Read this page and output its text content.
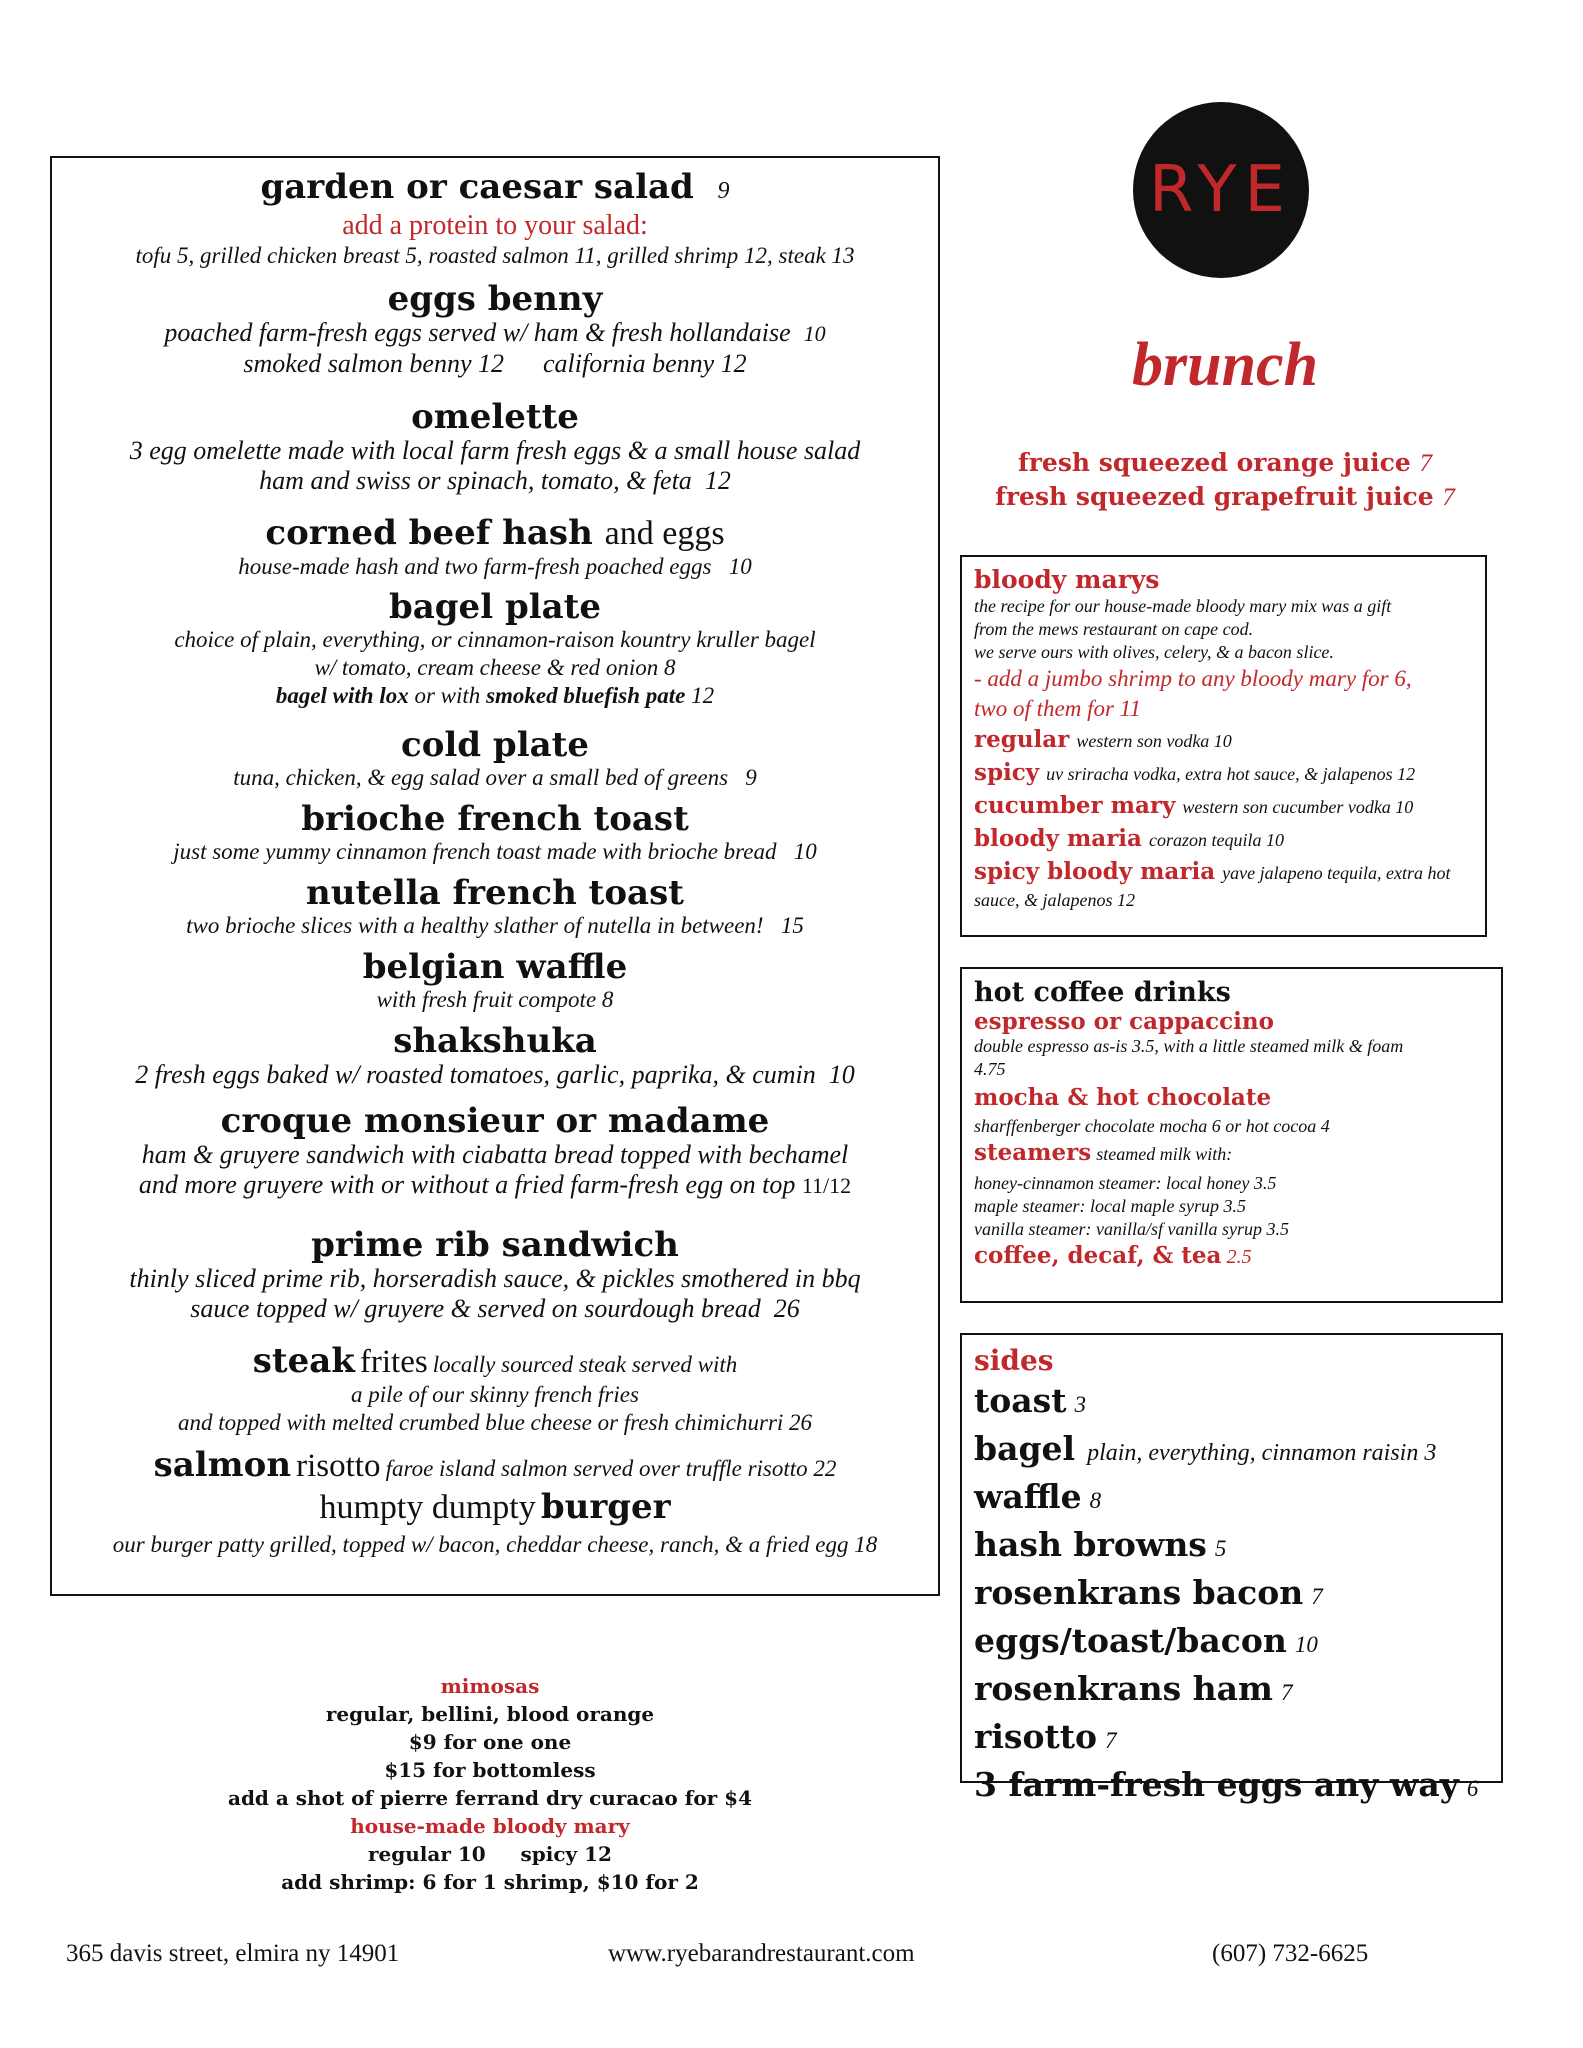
garden or caesar salad 9
add a protein to your salad:
tofu 5, grilled chicken breast 5, roasted salmon 11, grilled shrimp 12, steak 13
eggs benny
poached farm-fresh eggs served w/ ham & fresh hollandaise 10
smoked salmon benny 12 california benny 12
omelette
3 egg omelette made with local farm fresh eggs & a small house salad
ham and swiss or spinach, tomato, & feta 12
corned beef hash and eggs
house-made hash and two farm-fresh poached eggs 10
bagel plate
choice of plain, everything, or cinnamon-raison kountry kruller bagel
w/ tomato, cream cheese & red onion 8
bagel with lox or with smoked bluefish pate 12
cold plate
tuna, chicken, & egg salad over a small bed of greens 9
brioche french toast
just some yummy cinnamon french toast made with brioche bread 10
nutella french toast
two brioche slices with a healthy slather of nutella in between! 15
belgian waffle
with fresh fruit compote 8
shakshuka
2 fresh eggs baked w/ roasted tomatoes, garlic, paprika, & cumin 10
croque monsieur or madame
ham & gruyere sandwich with ciabatta bread topped with bechamel
and more gruyere with or without a fried farm-fresh egg on top 11/12
prime rib sandwich
thinly sliced prime rib, horseradish sauce, & pickles smothered in bbq
sauce topped w/ gruyere & served on sourdough bread 26
steak frites locally sourced steak served with
a pile of our skinny french fries
and topped with melted crumbed blue cheese or fresh chimichurri 26
salmon risotto faroe island salmon served over truffle risotto 22
humpty dumpty burger
our burger patty grilled, topped w/ bacon, cheddar cheese, ranch, & a fried egg 18
RYE
brunch
fresh squeezed orange juice 7
fresh squeezed grapefruit juice 7
bloody marys
the recipe for our house-made bloody mary mix was a gift
from the mews restaurant on cape cod.
we serve ours with olives, celery, & a bacon slice.
- add a jumbo shrimp to any bloody mary for 6,
two of them for 11
regular western son vodka 10
spicy uv sriracha vodka, extra hot sauce, & jalapenos 12
cucumber mary western son cucumber vodka 10
bloody maria corazon tequila 10
spicy bloody maria yave jalapeno tequila, extra hot
sauce, & jalapenos 12
hot coffee drinks
espresso or cappaccino
double espresso as-is 3.5, with a little steamed milk & foam
4.75
mocha & hot chocolate
sharffenberger chocolate mocha 6 or hot cocoa 4
steamers steamed milk with:
honey-cinnamon steamer: local honey 3.5
maple steamer: local maple syrup 3.5
vanilla steamer: vanilla/sf vanilla syrup 3.5
coffee, decaf, & tea 2.5
sides
toast 3
bagel plain, everything, cinnamon raisin 3
waffle 8
hash browns 5
rosenkrans bacon 7
eggs/toast/bacon 10
rosenkrans ham 7
risotto 7
3 farm-fresh eggs any way 6
mimosas
regular, bellini, blood orange
$9 for one one
$15 for bottomless
add a shot of pierre ferrand dry curacao for $4
house-made bloody mary
regular 10 spicy 12
add shrimp: 6 for 1 shrimp, $10 for 2
365 davis street, elmira ny 14901	www.ryebarandrestaurant.com	(607) 732-6625
